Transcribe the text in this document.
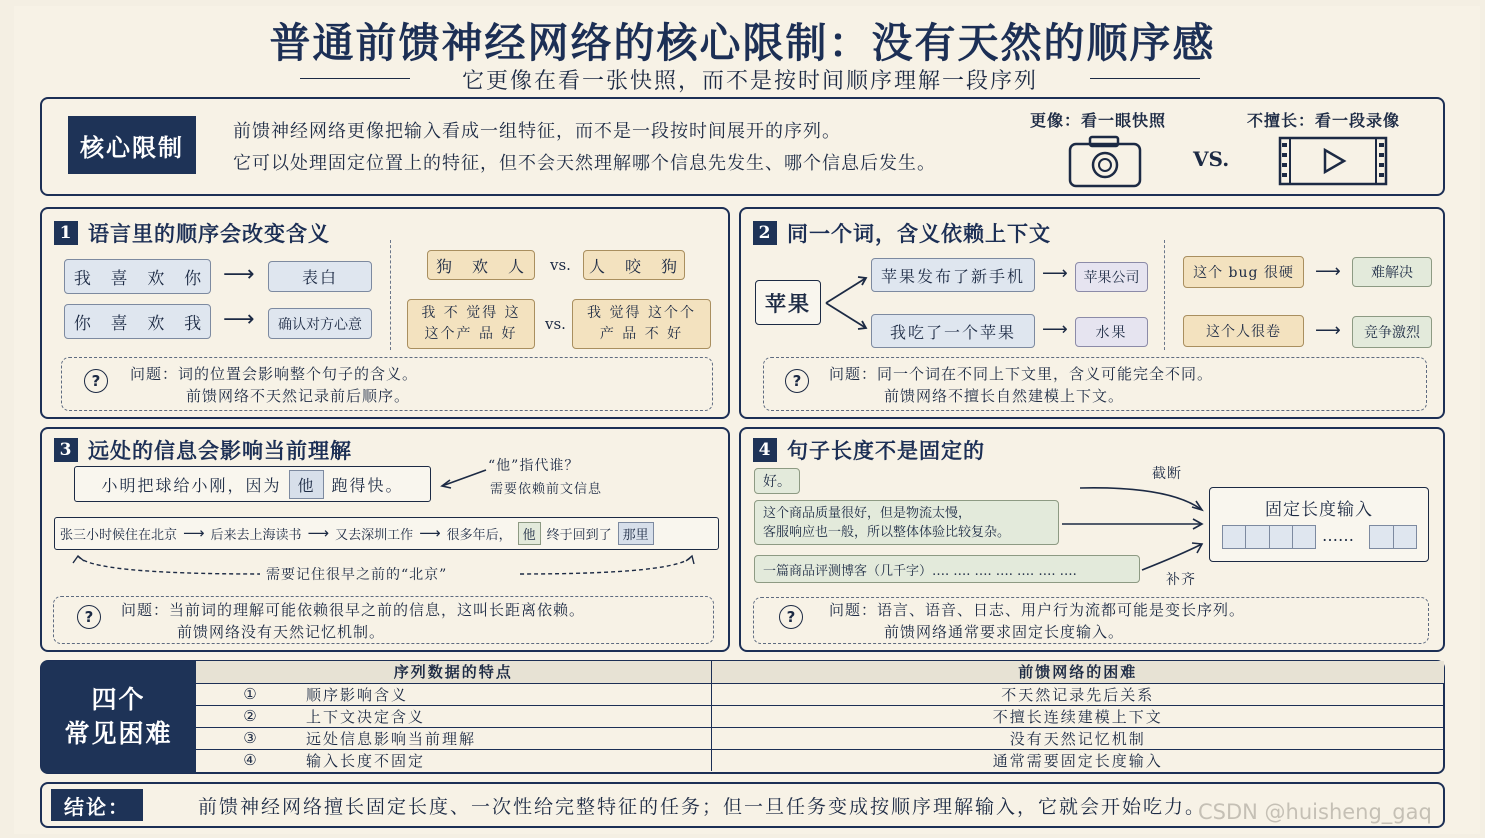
普通前馈神经网络的核心限制：没有天然的顺序感
它更像在看一张快照，而不是按时间顺序理解一段序列
核心限制
前馈神经网络更像把输入看成一组特征，而不是一段按时间展开的序列。
它可以处理固定位置上的特征，但不会天然理解哪个信息先发生、哪个信息后发生。
更像：看一眼快照	不擅长：看一段录像
VS.
1 语言里的顺序会改变含义
我 喜 欢 你 ⟶	表白
你 喜 欢 我 ⟶	确认对方心意
狗　欢　人	vs.	人　咬　狗
我 不 觉得 这
这个产 品 好
vs.
我 觉得 这个个
产 品 不 好
?	问题：词的位置会影响整个句子的含义。
前馈网络不天然记录前后顺序。
2 同一个词，含义依赖上下文
苹果
苹果发布了新手机 ⟶	苹果公司
我吃了一个苹果	⟶	水果
这个 bug 很硬	⟶	难解决
这个人很卷	⟶	竞争激烈
?	问题：同一个词在不同上下文里，含义可能完全不同。
前馈网络不擅长自然建模上下文。
3 远处的信息会影响当前理解
小明把球给小刚，因为	他	跑得快。
“他”指代谁？
需要依赖前文信息
张三小时候住在北京 ⟶ 后来去上海读书 ⟶ 又去深圳工作 ⟶ 很多年后， 他 终于回到了 那里
需要记住很早之前的“北京”
?	问题：当前词的理解可能依赖很早之前的信息，这叫长距离依赖。
前馈网络没有天然记忆机制。
4 句子长度不是固定的
好。
这个商品质量很好，但是物流太慢，
客服响应也一般，所以整体体验比较复杂。
一篇商品评测博客（几千字）…. …. …. …. …. …. ….
截断
补齐
固定长度输入
……
?	问题：语言、语音、日志、用户行为流都可能是变长序列。
前馈网络通常要求固定长度输入。
四个
常见困难
序列数据的特点		前馈网络的困难
①	顺序影响含义	不天然记录先后关系
②	上下文决定含义	不擅长连续建模上下文
③	远处信息影响当前理解	没有天然记忆机制
④	输入长度不固定	通常需要固定长度输入
结论：	前馈神经网络擅长固定长度、一次性给完整特征的任务；但一旦任务变成按顺序理解输入，它就会开始吃力。
CSDN @huisheng_gaq
